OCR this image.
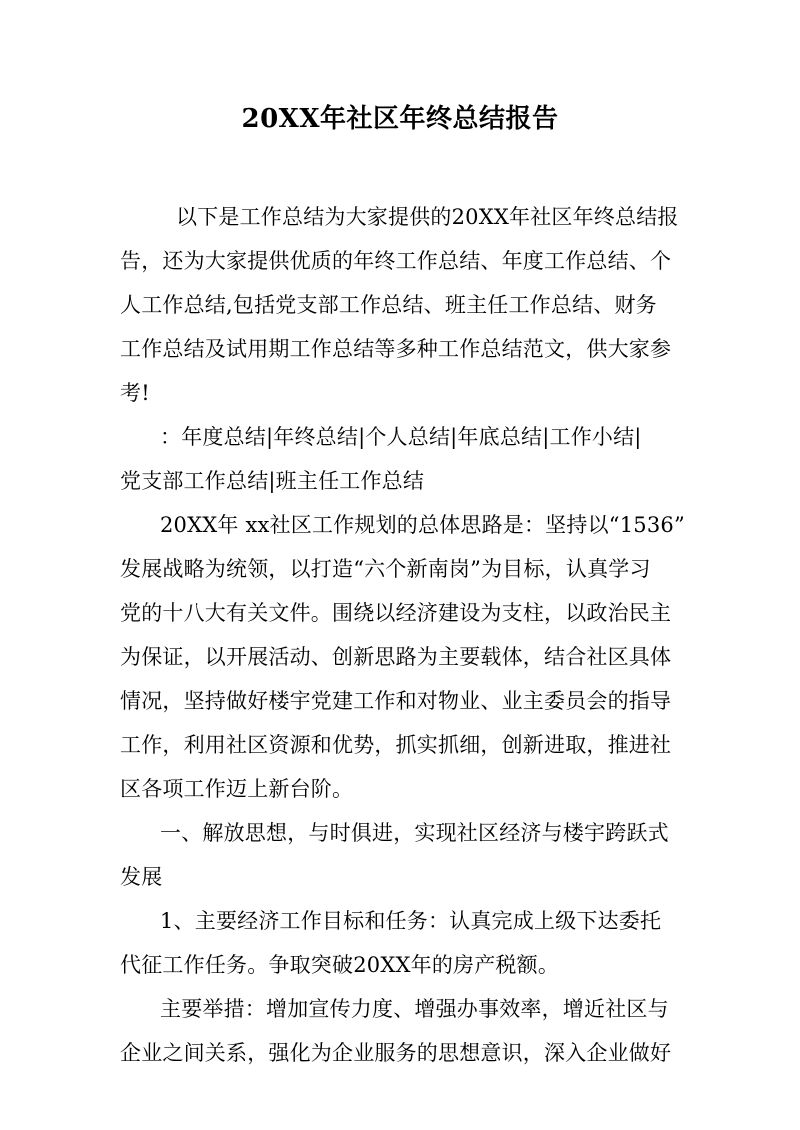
20XX年社区年终总结报告
以下是工作总结为大家提供的20XX年社区年终总结报
告，还为大家提供优质的年终工作总结、年度工作总结、个
人工作总结,包括党支部工作总结、班主任工作总结、财务
工作总结及试用期工作总结等多种工作总结范文，供大家参
考!
：年度总结|年终总结|个人总结|年底总结|工作小结|
党支部工作总结|班主任工作总结
20XX年 xx社区工作规划的总体思路是：坚持以“1536”
发展战略为统领，以打造“六个新南岗”为目标，认真学习
党的十八大有关文件。围绕以经济建设为支柱，以政治民主
为保证，以开展活动、创新思路为主要载体，结合社区具体
情况，坚持做好楼宇党建工作和对物业、业主委员会的指导
工作，利用社区资源和优势，抓实抓细，创新进取，推进社
区各项工作迈上新台阶。
一、解放思想，与时俱进，实现社区经济与楼宇跨跃式
发展
1、主要经济工作目标和任务：认真完成上级下达委托
代征工作任务。争取突破20XX年的房产税额。
主要举措：增加宣传力度、增强办事效率，增近社区与
企业之间关系，强化为企业服务的思想意识，深入企业做好
